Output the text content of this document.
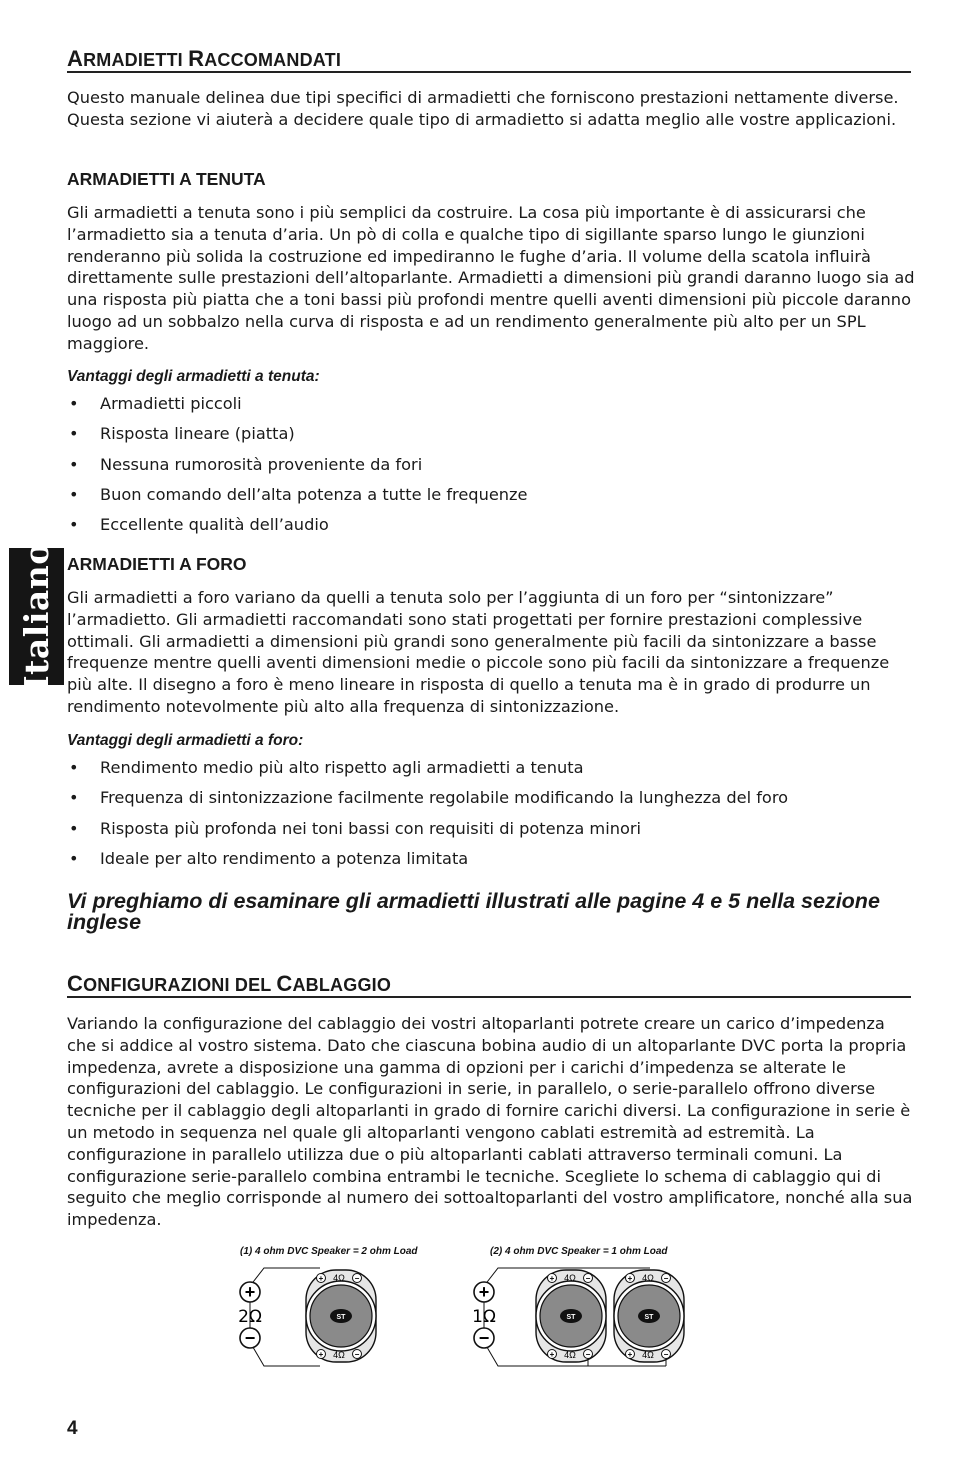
Italiano
ARMADIETTI RACCOMANDATI

Questo manuale delinea due tipi specifici di armadietti che forniscono prestazioni nettamente diverse. Questa sezione vi aiuterà a decidere quale tipo di armadietto si adatta meglio alle vostre applicazioni.

ARMADIETTI A TENUTA

Gli armadietti a tenuta sono i più semplici da costruire. La cosa più importante è di assicurarsi che l’armadietto sia a tenuta d’aria. Un pò di colla e qualche tipo di sigillante sparso lungo le giunzioni renderanno più solida la costruzione ed impediranno le fughe d’aria. Il volume della scatola influirà direttamente sulle prestazioni dell’altoparlante. Armadietti a dimensioni più grandi daranno luogo sia ad una risposta più piatta che a toni bassi più profondi mentre quelli aventi dimensioni più piccole daranno luogo ad un sobbalzo nella curva di risposta e ad un rendimento generalmente più alto per un SPL maggiore.

Vantaggi degli armadietti a tenuta:

• Armadietti piccoli
• Risposta lineare (piatta)
• Nessuna rumorosità proveniente da fori
• Buon comando dell’alta potenza a tutte le frequenze
• Eccellente qualità dell’audio
ARMADIETTI A FORO

Gli armadietti a foro variano da quelli a tenuta solo per l’aggiunta di un foro per “sintonizzare” l’armadietto. Gli armadietti raccomandati sono stati progettati per fornire prestazioni complessive ottimali. Gli armadietti a dimensioni più grandi sono generalmente più facili da sintonizzare a basse frequenze mentre quelli aventi dimensioni medie o piccole sono più facili da sintonizzare a frequenze più alte. Il disegno a foro è meno lineare in risposta di quello a tenuta ma è in grado di produrre un rendimento notevolmente più alto alla frequenza di sintonizzazione.

Vantaggi degli armadietti a foro:

• Rendimento medio più alto rispetto agli armadietti a tenuta
• Frequenza di sintonizzazione facilmente regolabile modificando la lunghezza del foro
• Risposta più profonda nei toni bassi con requisiti di potenza minori
• Ideale per alto rendimento a potenza limitata

Vi preghiamo di esaminare gli armadietti illustrati alle pagine 4 e 5 nella sezione inglese

CONFIGURAZIONI DEL CABLAGGIO

Variando la configurazione del cablaggio dei vostri altoparlanti potrete creare un carico d’impedenza che si addice al vostro sistema. Dato che ciascuna bobina audio di un altoparlante DVC porta la propria impedenza, avrete a disposizione una gamma di opzioni per i carichi d’impedenza se alterate le configurazioni del cablaggio. Le configurazioni in serie, in parallelo, o serie-parallelo offrono diverse tecniche per il cablaggio degli altoparlanti in grado di fornire carichi diversi. La configurazione in serie è un metodo in sequenza nel quale gli altoparlanti vengono cablati estremità ad estremità. La configurazione in parallelo utilizza due o più altoparlanti cablati attraverso terminali comuni. La configurazione serie-parallelo combina entrambi le tecniche. Scegliete lo schema di cablaggio qui di seguito che meglio corrisponde al numero dei sottoaltoparlanti del vostro amplificatore, nonché alla sua impedenza.

(1) 4 ohm DVC Speaker = 2 ohm Load	(2) 4 ohm DVC Speaker = 1 ohm Load
+
2Ω
−
ST
+ 4Ω −
+ 4Ω −
+
1Ω
−
ST
+ 4Ω −
+ 4Ω −
ST
+ 4Ω −
+ 4Ω −
4
